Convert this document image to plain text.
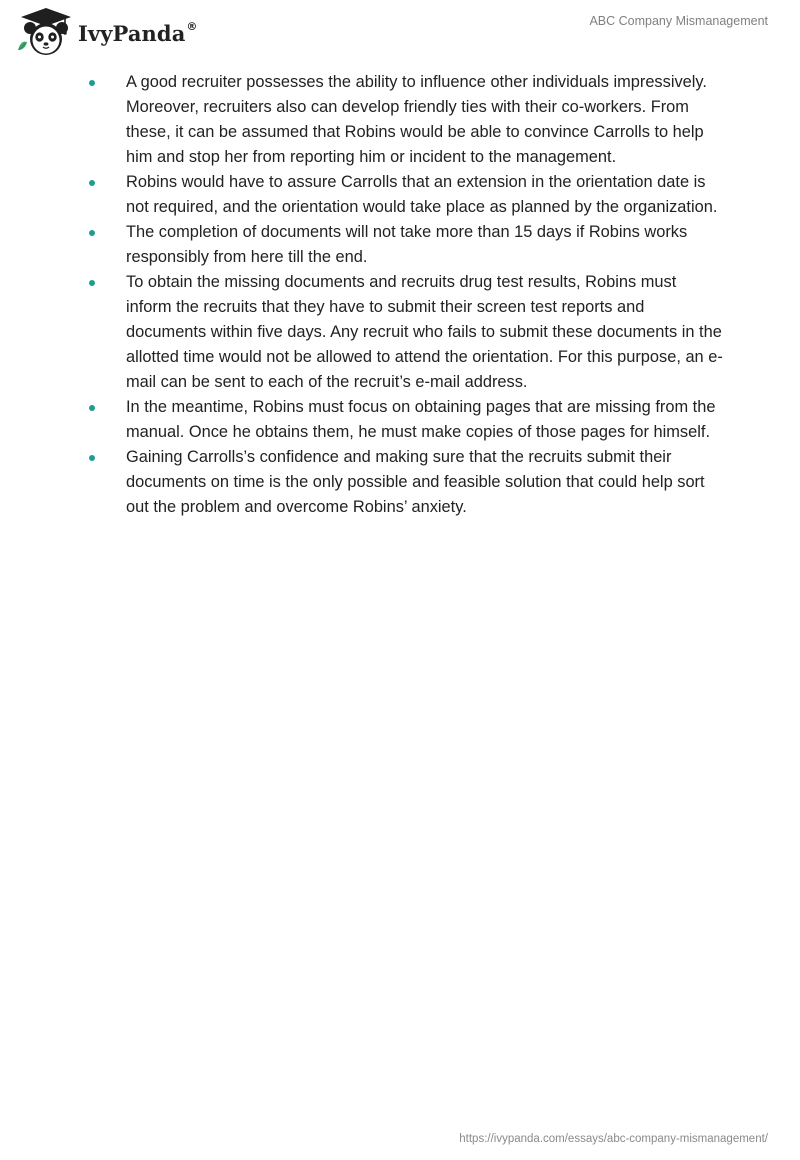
IvyPanda®	ABC Company Mismanagement
A good recruiter possesses the ability to influence other individuals impressively. Moreover, recruiters also can develop friendly ties with their co-workers. From these, it can be assumed that Robins would be able to convince Carrolls to help him and stop her from reporting him or incident to the management.
Robins would have to assure Carrolls that an extension in the orientation date is not required, and the orientation would take place as planned by the organization.
The completion of documents will not take more than 15 days if Robins works responsibly from here till the end.
To obtain the missing documents and recruits drug test results, Robins must inform the recruits that they have to submit their screen test reports and documents within five days. Any recruit who fails to submit these documents in the allotted time would not be allowed to attend the orientation. For this purpose, an e-mail can be sent to each of the recruit’s e-mail address.
In the meantime, Robins must focus on obtaining pages that are missing from the manual. Once he obtains them, he must make copies of those pages for himself.
Gaining Carrolls’s confidence and making sure that the recruits submit their documents on time is the only possible and feasible solution that could help sort out the problem and overcome Robins’ anxiety.
https://ivypanda.com/essays/abc-company-mismanagement/
